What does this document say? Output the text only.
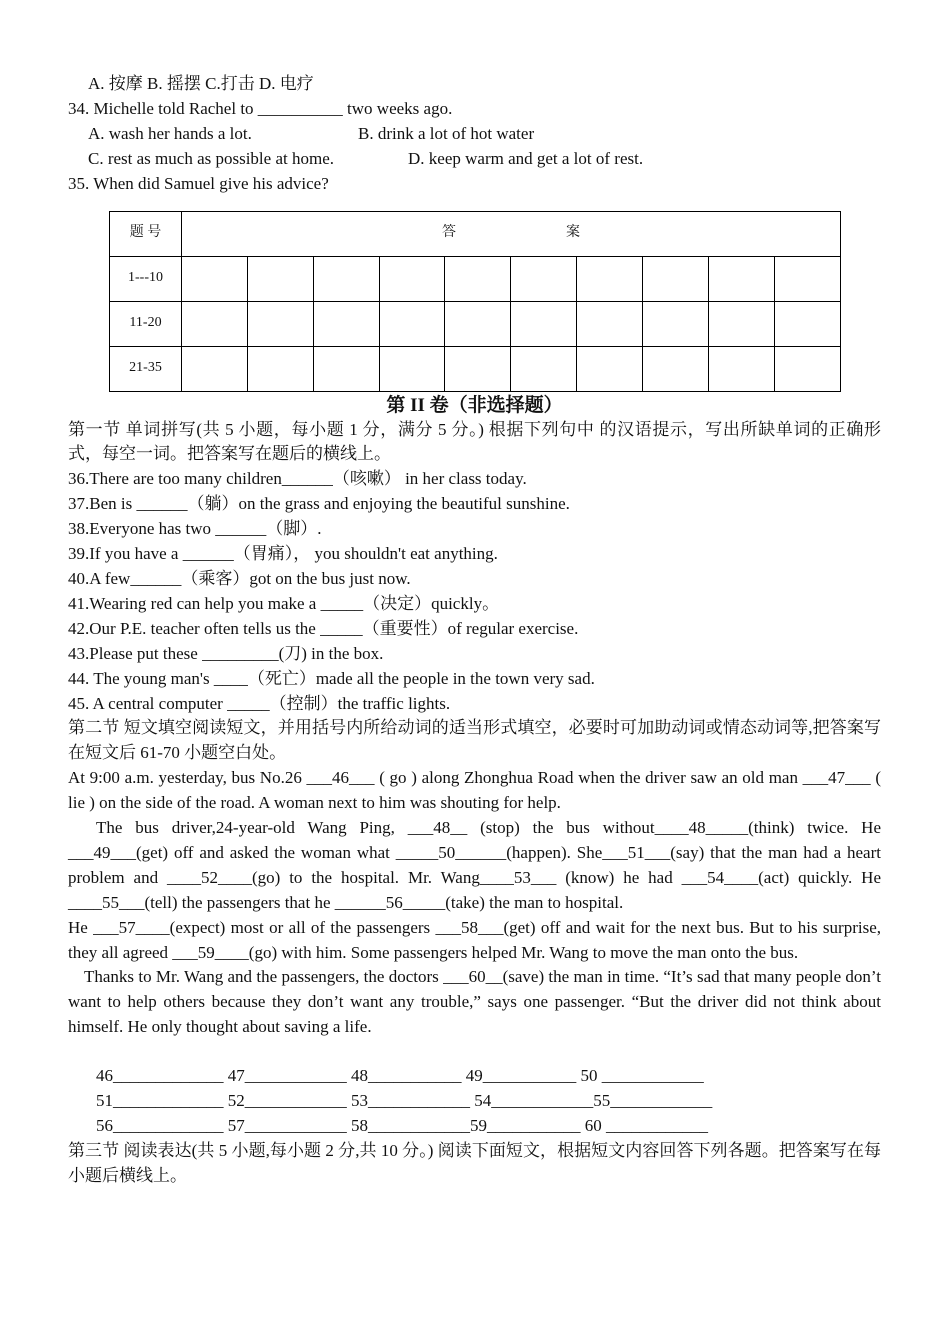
A. 按摩 B. 摇摆 C.打击 D. 电疗
34. Michelle told Rachel to __________ two weeks ago.
A. wash her hands a lot.	B. drink a lot of hot water
C. rest as much as possible at home.	D. keep warm and get a lot of rest.
35. When did Samuel give his advice?
题 号	答 案									
1---10										
11-20										
21-35										
第 II 卷（非选择题）
第一节 单词拼写(共 5 小题，每小题 1 分，满分 5 分。) 根据下列句中 的汉语提示，写出所缺单词的正确形式，每空一词。把答案写在题后的横线上。
36.There are too many children______（咳嗽） in her class today.
37.Ben is ______（躺）on the grass and enjoying the beautiful sunshine.
38.Everyone has two ______（脚）.
39.If you have a ______（胃痛）， you shouldn't eat anything.
40.A few______（乘客）got on the bus just now.
41.Wearing red can help you make a _____（决定）quickly。
42.Our P.E. teacher often tells us the _____（重要性）of regular exercise.
43.Please put these _________(刀) in the box.
44. The young man's ____（死亡）made all the people in the town very sad.
45. A central computer _____（控制）the traffic lights.
第二节 短文填空阅读短文，并用括号内所给动词的适当形式填空，必要时可加助动词或情态动词等,把答案写在短文后 61-70 小题空白处。
At 9:00 a.m. yesterday, bus No.26 ___46___ ( go ) along Zhonghua Road when the driver saw an old man ___47___ ( lie ) on the side of the road. A woman next to him was shouting for help.
The bus driver,24-year-old Wang Ping, ___48__ (stop) the bus without____48_____(think) twice. He ___49___(get) off and asked the woman what _____50______(happen). She___51___(say) that the man had a heart problem and ____52____(go) to the hospital. Mr. Wang____53___ (know) he had ___54____(act) quickly. He ____55___(tell) the passengers that he ______56_____(take) the man to hospital.
He ___57____(expect) most or all of the passengers ___58___(get) off and wait for the next bus. But to his surprise, they all agreed ___59____(go) with him. Some passengers helped Mr. Wang to move the man onto the bus.
Thanks to Mr. Wang and the passengers, the doctors ___60__(save) the man in time. “It’s sad that many people don’t want to help others because they don’t want any trouble,” says one passenger. “But the driver did not think about himself. He only thought about saving a life.
46_____________ 47____________ 48___________ 49___________ 50 ____________
51_____________ 52____________ 53____________ 54____________55____________
56_____________ 57____________ 58____________59___________ 60 ____________
第三节 阅读表达(共 5 小题,每小题 2 分,共 10 分。) 阅读下面短文，根据短文内容回答下列各题。把答案写在每小题后横线上。
